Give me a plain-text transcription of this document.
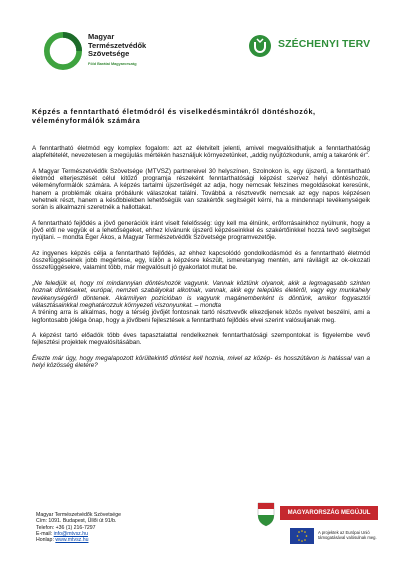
Magyar
Természetvédők
Szövetsége
Föld Barátai Magyarország
SZÉCHENYI TERV
Képzés a fenntartható életmódról és viselkedésmintákról döntéshozók,
véleményformálók számára

A fenntartható életmód egy komplex fogalom: azt az életvitelt jelenti, amivel megvalósíthatjuk a fenntarthatóság alapfeltételét, nevezetesen a megújulás mértékén használjuk környezetünket, „addig nyújtózkodunk, amíg a takarónk ér".

A Magyar Természetvédők Szövetsége (MTVSZ) partnereivel 30 helyszínen, Szolnokon is, egy újszerű, a fenntartható életmód elterjesztését célul kitűző programja részeként fenntarthatósági képzést szervez helyi döntéshozók, véleményformálók számára. A képzés tartalmi újszerűségét az adja, hogy nemcsak felszínes megoldásokat keresünk, hanem a problémák okaira próbálunk válaszokat találni. Továbbá a résztvevők nemcsak az egy napos képzésen vehetnek részt, hanem a későbbiekben lehetőségük van szakértők segítségét kérni, ha a mindennapi tevékenységeik során is alkalmazni szeretnék a hallottakat.

A fenntartható fejlődés a jövő generációk iránt viselt felelősség: úgy kell ma élnünk, erőforrásainkhoz nyúlnunk, hogy a jövő elől ne vegyük el a lehetőségeket, ehhez kívánunk újszerű képzéseinkkel és szakértőinkkel hozzá tevő segítséget nyújtani. – mondta Éger Ákos, a Magyar Természetvédők Szövetsége programvezetője.

Az ingyenes képzés célja a fenntartható fejlődés, az ehhez kapcsolódó gondolkodásmód és a fenntartható életmód összefüggéseinek jobb megértése, egy, külön a képzésre készült, ismeretanyag mentén, ami rávilágít az ok-okozati összefüggésekre, valamint több, már megvalósult jó gyakorlatot mutat be.

„Ne feledjük el, hogy mi mindannyian döntéshozók vagyunk. Vannak köztünk olyanok, akik a legmagasabb szinten hoznak döntéseket, európai, nemzeti szabályokat alkotnak, vannak, akik egy település életéről, vagy egy munkahely tevékenységéről döntenek. Akármilyen pozícióban is vagyunk magánemberként is döntünk, amikor fogyasztói választásainkkal meghatározzuk környezeti viszonyunkat. – mondta

A tréning arra is alkalmas, hogy a térség jövőjét fontosnak tartó résztvevők elkezdjenek közös nyelvet beszélni, ami a legfontosabb jóléga önap, hogy a jövőbeni fejlesztések a fenntartható fejlődés elvei szerint valósuljanak meg.

A képzést tartó előadók több éves tapasztalattal rendelkeznek fenntarthatósági szempontokat is figyelembe vevő fejlesztési projektek megvalósításában.

Érezte már úgy, hogy megalapozott körültekintő döntést kell hoznia, mivel az közép- és hosszútávon is hatással van a helyi közösség életére?

Magyar Természetvédők Szövetsége
Cím: 1091. Budapest, Üllői út 91/b.
Telefon: +36 (1) 216-7297
E-mail: info@mtvsz.hu
Honlap: www.mtvsz.hu
MAGYARORSZÁG MEGÚJUL
A projektek az Európai Unió támogatásával valósulnak meg.
